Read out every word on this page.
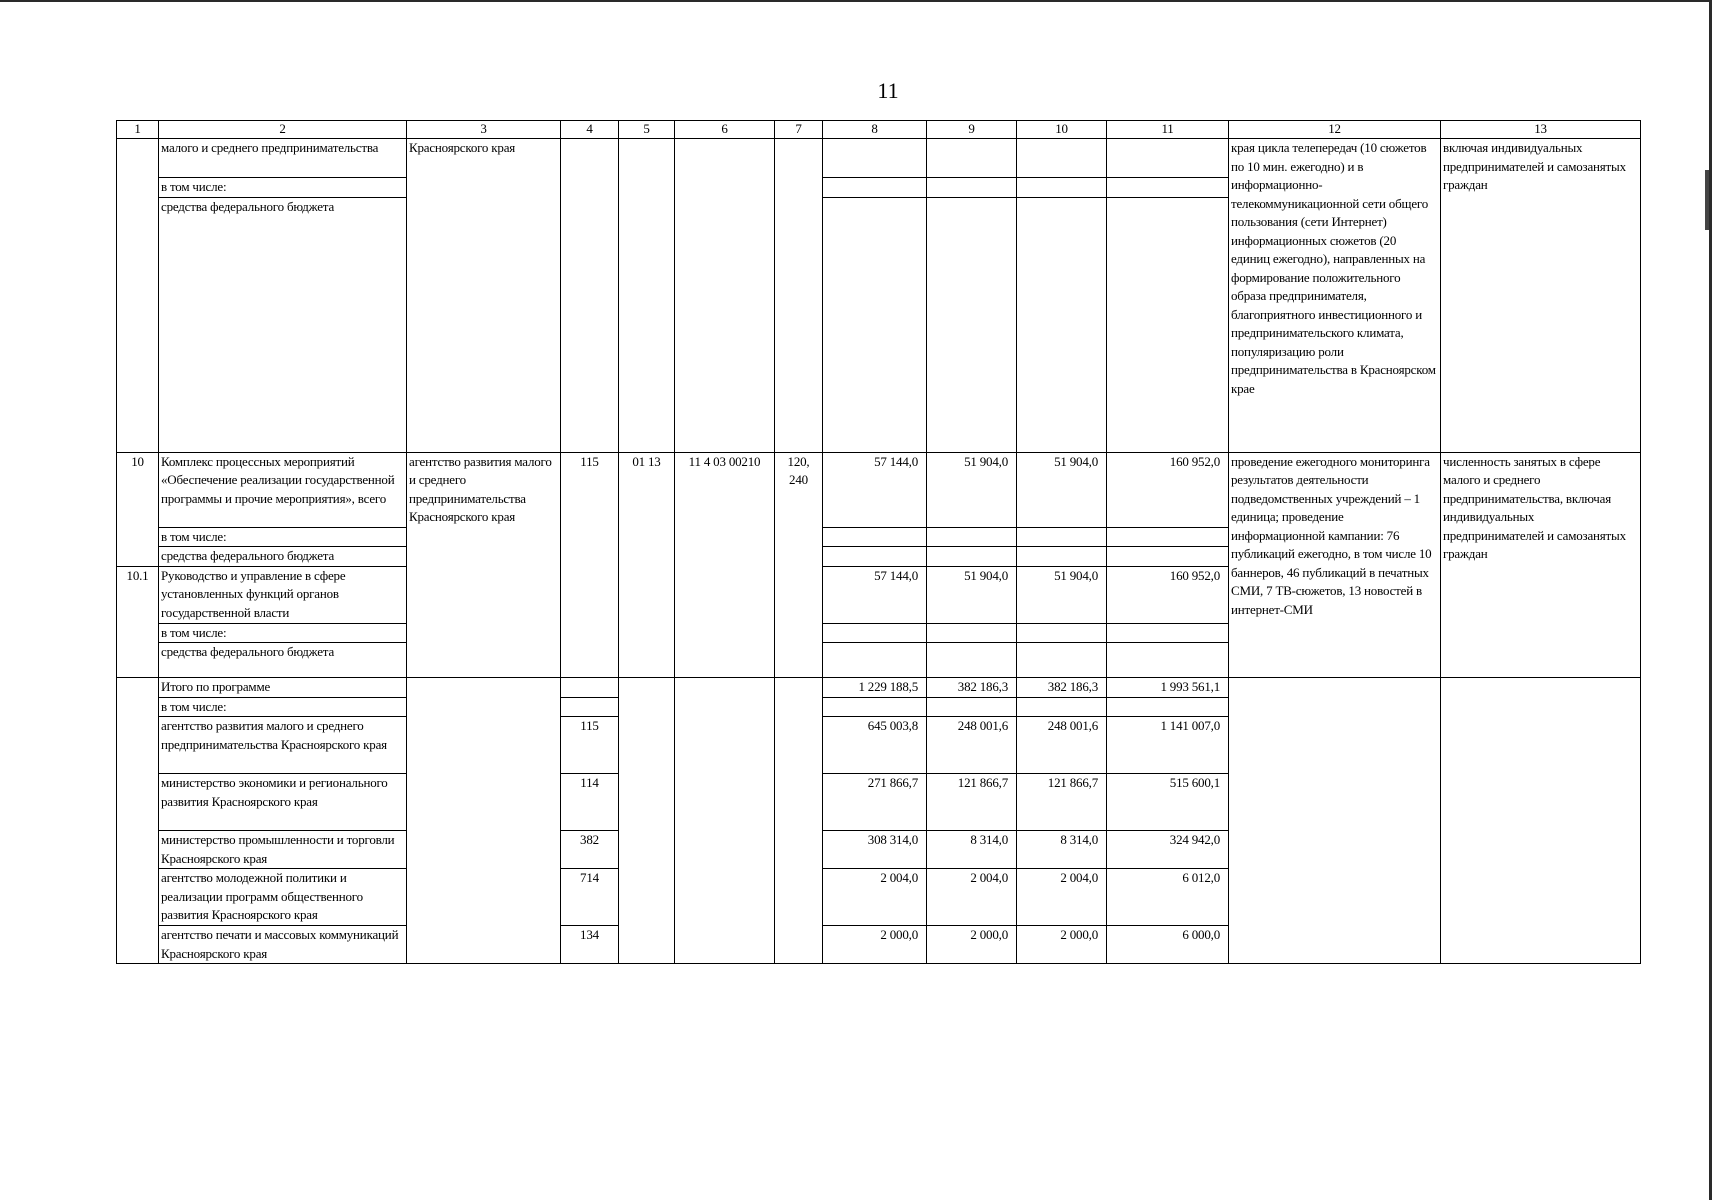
11
1	2	3	4	5	6	7	8	9	10	11	12	13
	малого и среднего предпринимательства	Красноярского края									края цикла телепередач (10 сюжетов по 10 мин. ежегодно) и в информационно-телекоммуникационной сети общего пользования (сети Интернет) информационных сюжетов (20 единиц ежегодно), направленных на формирование положительного образа предпринимателя, благоприятного инвестиционного и предпринимательского климата, популяризацию роли предпринимательства в Красноярском крае	включая индивидуальных предпринимателей и самозанятых граждан
	в том числе:											
	средства федерального бюджета											
10	Комплекс процессных мероприятий «Обеспечение реализации государственной программы и прочие мероприятия», всего	агентство развития малого и среднего предпринимательства Красноярского края	115	01 13	11 4 03 00210	120, 240	57 144,0	51 904,0	51 904,0	160 952,0	проведение ежегодного мониторинга результатов деятельности подведомственных учреждений – 1 единица; проведение информационной кампании: 76 публикаций ежегодно, в том числе 10 баннеров, 46 публикаций в печатных СМИ, 7 ТВ-сюжетов, 13 новостей в интернет-СМИ	численность занятых в сфере малого и среднего предпринимательства, включая индивидуальных предпринимателей и самозанятых граждан
	в том числе:											
	средства федерального бюджета											
10.1	Руководство и управление в сфере установленных функций органов государственной власти						57 144,0	51 904,0	51 904,0	160 952,0		
	в том числе:											
	средства федерального бюджета											
	Итого по программе						1 229 188,5	382 186,3	382 186,3	1 993 561,1		
	в том числе:											
	агентство развития малого и среднего предпринимательства Красноярского края		115				645 003,8	248 001,6	248 001,6	1 141 007,0		
	министерство экономики и регионального развития Красноярского края		114				271 866,7	121 866,7	121 866,7	515 600,1		
	министерство промышленности и торговли Красноярского края		382				308 314,0	8 314,0	8 314,0	324 942,0		
	агентство молодежной политики и реализации программ общественного развития Красноярского края		714				2 004,0	2 004,0	2 004,0	6 012,0		
	агентство печати и массовых коммуникаций Красноярского края		134				2 000,0	2 000,0	2 000,0	6 000,0		
